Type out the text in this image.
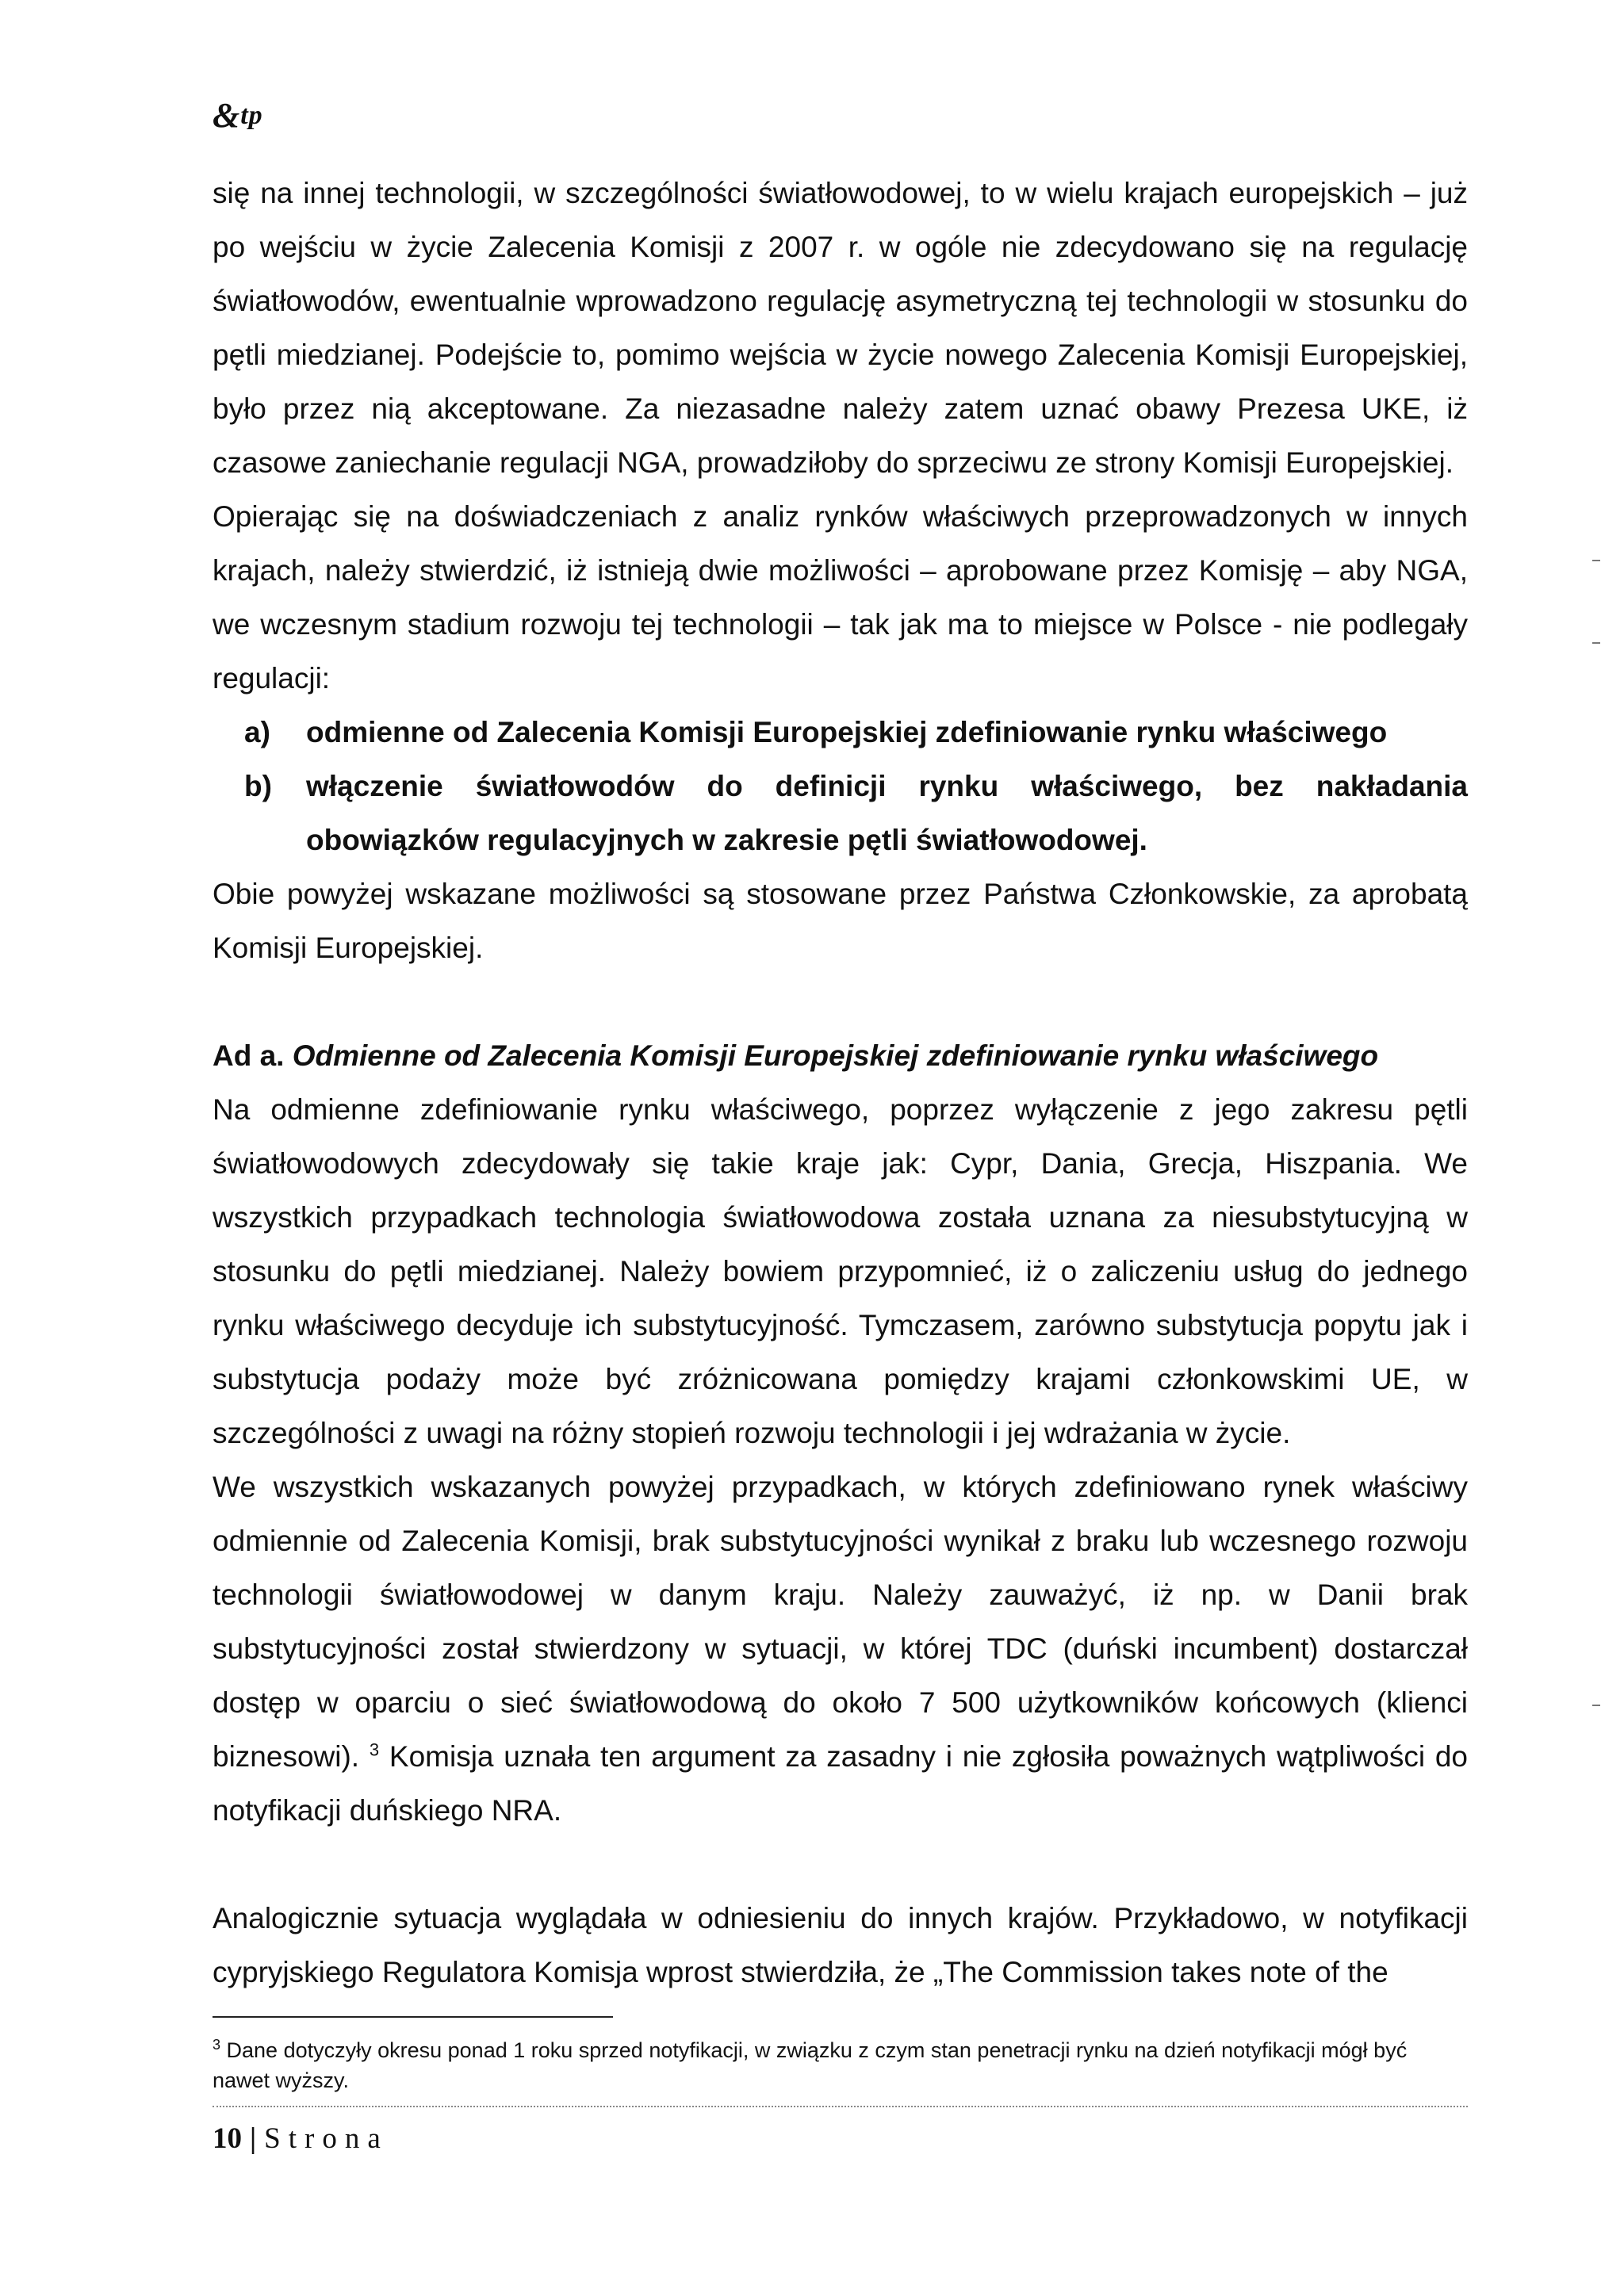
&tp

się na innej technologii, w szczególności światłowodowej, to w wielu krajach europejskich – już po wejściu w życie Zalecenia Komisji z 2007 r. w ogóle nie zdecydowano się na regulację światłowodów, ewentualnie wprowadzono regulację asymetryczną tej technologii w stosunku do pętli miedzianej. Podejście to, pomimo wejścia w życie nowego Zalecenia Komisji Europejskiej, było przez nią akceptowane. Za niezasadne należy zatem uznać obawy Prezesa UKE, iż czasowe zaniechanie regulacji NGA, prowadziłoby do sprzeciwu ze strony Komisji Europejskiej.

Opierając się na doświadczeniach z analiz rynków właściwych przeprowadzonych w innych krajach, należy stwierdzić, iż istnieją dwie możliwości – aprobowane przez Komisję – aby NGA, we wczesnym stadium rozwoju tej technologii – tak jak ma to miejsce w Polsce - nie podlegały regulacji:

a)	odmienne od Zalecenia Komisji Europejskiej zdefiniowanie rynku właściwego
b)	włączenie światłowodów do definicji rynku właściwego, bez nakładania obowiązków regulacyjnych w zakresie pętli światłowodowej.

Obie powyżej wskazane możliwości są stosowane przez Państwa Członkowskie, za aprobatą Komisji Europejskiej.

Ad a. Odmienne od Zalecenia Komisji Europejskiej zdefiniowanie rynku właściwego

Na odmienne zdefiniowanie rynku właściwego, poprzez wyłączenie z jego zakresu pętli światłowodowych zdecydowały się takie kraje jak: Cypr, Dania, Grecja, Hiszpania. We wszystkich przypadkach technologia światłowodowa została uznana za niesubstytucyjną w stosunku do pętli miedzianej. Należy bowiem przypomnieć, iż o zaliczeniu usług do jednego rynku właściwego decyduje ich substytucyjność. Tymczasem, zarówno substytucja popytu jak i substytucja podaży może być zróżnicowana pomiędzy krajami członkowskimi UE, w szczególności z uwagi na różny stopień rozwoju technologii i jej wdrażania w życie.

We wszystkich wskazanych powyżej przypadkach, w których zdefiniowano rynek właściwy odmiennie od Zalecenia Komisji, brak substytucyjności wynikał z braku lub wczesnego rozwoju technologii światłowodowej w danym kraju. Należy zauważyć, iż np. w Danii brak substytucyjności został stwierdzony w sytuacji, w której TDC (duński incumbent) dostarczał dostęp w oparciu o sieć światłowodową do około 7 500 użytkowników końcowych (klienci biznesowi). $^3$ Komisja uznała ten argument za zasadny i nie zgłosiła poważnych wątpliwości do notyfikacji duńskiego NRA.

Analogicznie sytuacja wyglądała w odniesieniu do innych krajów. Przykładowo, w notyfikacji cypryjskiego Regulatora Komisja wprost stwierdziła, że „The Commission takes note of the

$^3$ Dane dotyczyły okresu ponad 1 roku sprzed notyfikacji, w związku z czym stan penetracji rynku na dzień notyfikacji mógł być nawet wyższy.
10 | Strona
